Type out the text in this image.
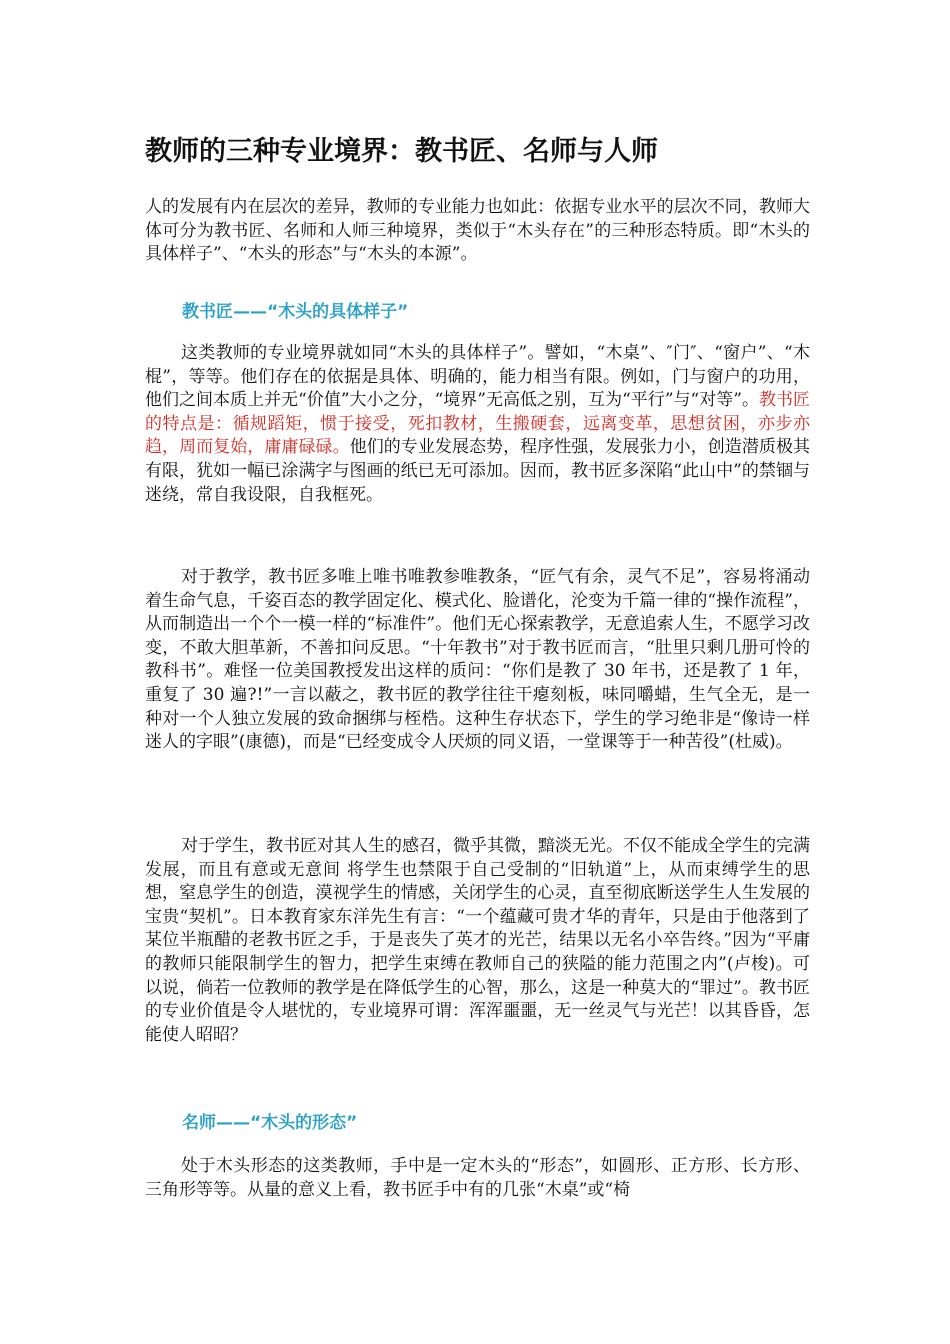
教师的三种专业境界：教书匠、名师与人师

人的发展有内在层次的差异，教师的专业能力也如此：依据专业水平的层次不同，教师大体可分为教书匠、名师和人师三种境界，类似于“木头存在”的三种形态特质。即“木头的具体样子”、“木头的形态”与“木头的本源”。

教书匠——“木头的具体样子”

这类教师的专业境界就如同“木头的具体样子”。譬如，“木桌”、″门″、“窗户”、“木棍”，等等。他们存在的依据是具体、明确的，能力相当有限。例如，门与窗户的功用，他们之间本质上并无“价值”大小之分，“境界”无高低之别，互为“平行”与“对等”。教书匠的特点是：循规蹈矩，惯于接受，死扣教材，生搬硬套，远离变革，思想贫困，亦步亦趋，周而复始，庸庸碌碌。他们的专业发展态势，程序性强，发展张力小，创造潜质极其有限，犹如一幅已涂满字与图画的纸已无可添加。因而，教书匠多深陷“此山中”的禁锢与迷绕，常自我设限，自我框死。

对于教学，教书匠多唯上唯书唯教参唯教条，“匠气有余，灵气不足”，容易将涌动着生命气息，千姿百态的教学固定化、模式化、脸谱化，沦变为千篇一律的“操作流程”，从而制造出一个个一模一样的“标准件”。他们无心探索教学，无意追索人生，不愿学习改变，不敢大胆革新，不善扣问反思。“十年教书”对于教书匠而言，“肚里只剩几册可怜的教科书”。难怪一位美国教授发出这样的质问：“你们是教了 30 年书，还是教了 1 年，重复了 30 遍?!”一言以蔽之，教书匠的教学往往干瘪刻板，味同嚼蜡，生气全无，是一种对一个人独立发展的致命捆绑与桎梏。这种生存状态下，学生的学习绝非是“像诗一样迷人的字眼”(康德)，而是“已经变成令人厌烦的同义语，一堂课等于一种苦役”(杜威)。

对于学生，教书匠对其人生的感召，微乎其微，黯淡无光。不仅不能成全学生的完满发展，而且有意或无意间 将学生也禁限于自己受制的“旧轨道”上，从而束缚学生的思想，窒息学生的创造，漠视学生的情感，关闭学生的心灵，直至彻底断送学生人生发展的宝贵“契机”。日本教育家东洋先生有言：“一个蕴藏可贵才华的青年，只是由于他落到了某位半瓶醋的老教书匠之手，于是丧失了英才的光芒，结果以无名小卒告终。”因为“平庸的教师只能限制学生的智力，把学生束缚在教师自己的狭隘的能力范围之内”(卢梭)。可以说，倘若一位教师的教学是在降低学生的心智，那么，这是一种莫大的“罪过”。教书匠的专业价值是令人堪忧的，专业境界可谓：浑浑噩噩，无一丝灵气与光芒！以其昏昏，怎能使人昭昭？

名师——“木头的形态”

处于木头形态的这类教师，手中是一定木头的“形态”，如圆形、正方形、长方形、三角形等等。从量的意义上看，教书匠手中有的几张“木桌”或“椅
